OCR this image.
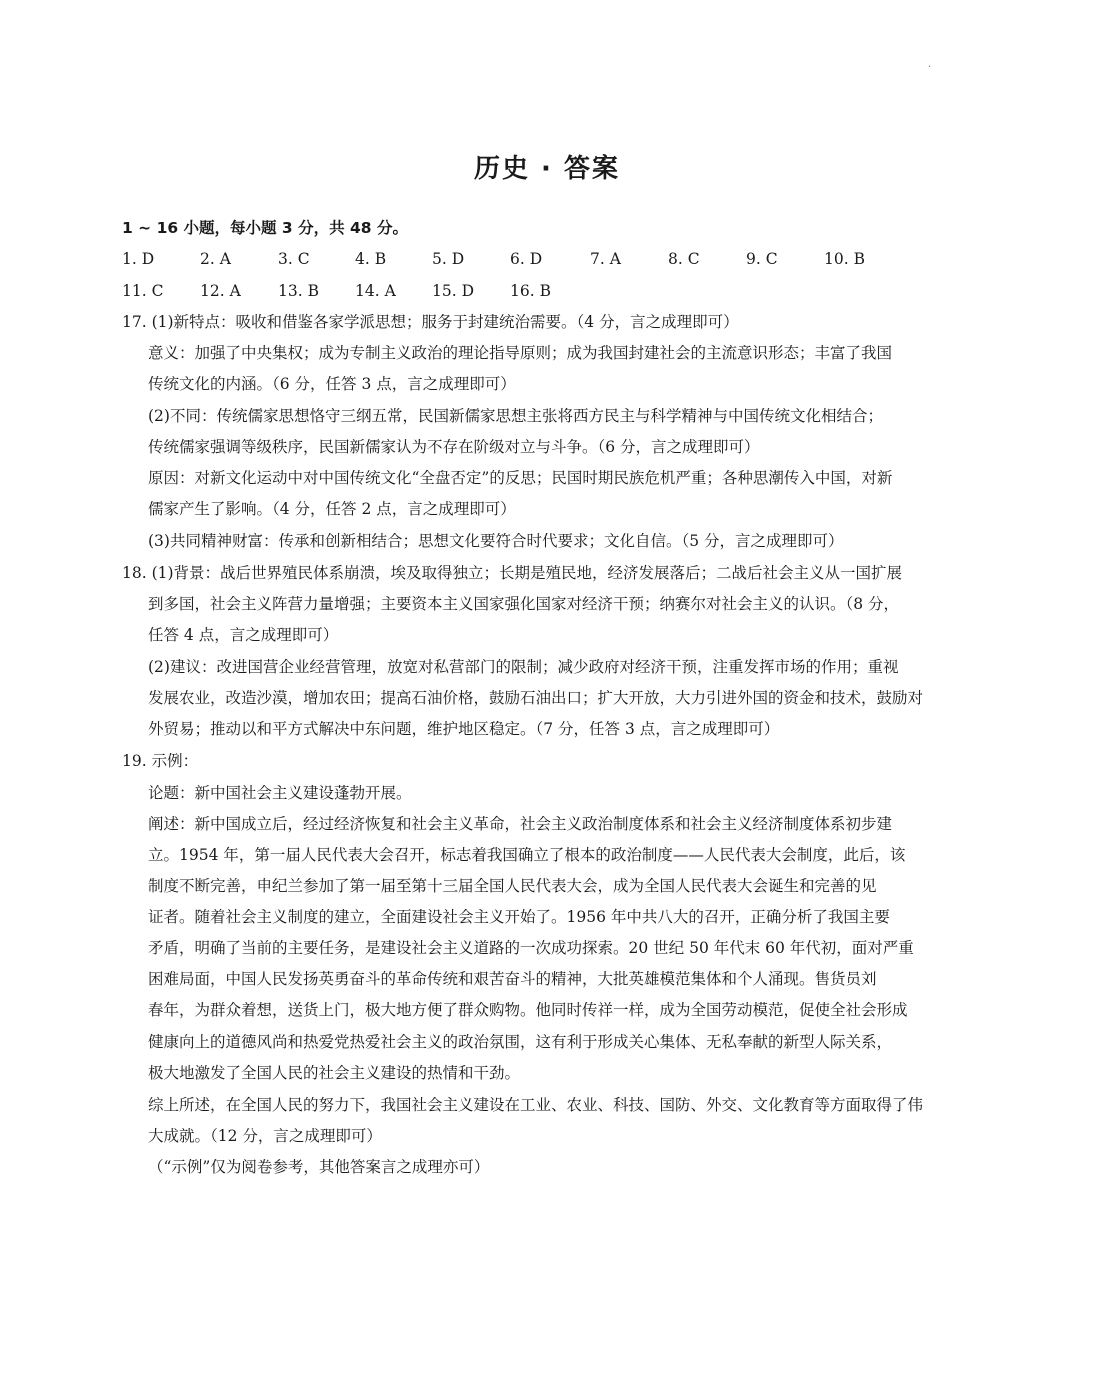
·
历史 · 答案
1 ~ 16 小题，每小题 3 分，共 48 分。
1. D	2. A	3. C	4. B	5. D	6. D	7. A	8. C	9. C	10. B
11. C 12. A 13. B 14. A 15. D 16. B
17. (1)新特点：吸收和借鉴各家学派思想；服务于封建统治需要。（4 分，言之成理即可）
意义：加强了中央集权；成为专制主义政治的理论指导原则；成为我国封建社会的主流意识形态；丰富了我国
传统文化的内涵。（6 分，任答 3 点，言之成理即可）
(2)不同：传统儒家思想恪守三纲五常，民国新儒家思想主张将西方民主与科学精神与中国传统文化相结合；
传统儒家强调等级秩序，民国新儒家认为不存在阶级对立与斗争。（6 分，言之成理即可）
原因：对新文化运动中对中国传统文化“全盘否定”的反思；民国时期民族危机严重；各种思潮传入中国，对新
儒家产生了影响。（4 分，任答 2 点，言之成理即可）
(3)共同精神财富：传承和创新相结合；思想文化要符合时代要求；文化自信。（5 分，言之成理即可）
18. (1)背景：战后世界殖民体系崩溃，埃及取得独立；长期是殖民地，经济发展落后；二战后社会主义从一国扩展
到多国，社会主义阵营力量增强；主要资本主义国家强化国家对经济干预；纳赛尔对社会主义的认识。（8 分，
任答 4 点，言之成理即可）
(2)建议：改进国营企业经营管理，放宽对私营部门的限制；减少政府对经济干预，注重发挥市场的作用；重视
发展农业，改造沙漠，增加农田；提高石油价格，鼓励石油出口；扩大开放，大力引进外国的资金和技术，鼓励对
外贸易；推动以和平方式解决中东问题，维护地区稳定。（7 分，任答 3 点，言之成理即可）
19. 示例：
论题：新中国社会主义建设蓬勃开展。
阐述：新中国成立后，经过经济恢复和社会主义革命，社会主义政治制度体系和社会主义经济制度体系初步建
立。1954 年，第一届人民代表大会召开，标志着我国确立了根本的政治制度——人民代表大会制度，此后，该
制度不断完善，申纪兰参加了第一届至第十三届全国人民代表大会，成为全国人民代表大会诞生和完善的见
证者。随着社会主义制度的建立，全面建设社会主义开始了。1956 年中共八大的召开，正确分析了我国主要
矛盾，明确了当前的主要任务，是建设社会主义道路的一次成功探索。20 世纪 50 年代末 60 年代初，面对严重
困难局面，中国人民发扬英勇奋斗的革命传统和艰苦奋斗的精神，大批英雄模范集体和个人涌现。售货员刘
春年，为群众着想，送货上门，极大地方便了群众购物。他同时传祥一样，成为全国劳动模范，促使全社会形成
健康向上的道德风尚和热爱党热爱社会主义的政治氛围，这有利于形成关心集体、无私奉献的新型人际关系，
极大地激发了全国人民的社会主义建设的热情和干劲。
综上所述，在全国人民的努力下，我国社会主义建设在工业、农业、科技、国防、外交、文化教育等方面取得了伟
大成就。（12 分，言之成理即可）
（“示例”仅为阅卷参考，其他答案言之成理亦可）
